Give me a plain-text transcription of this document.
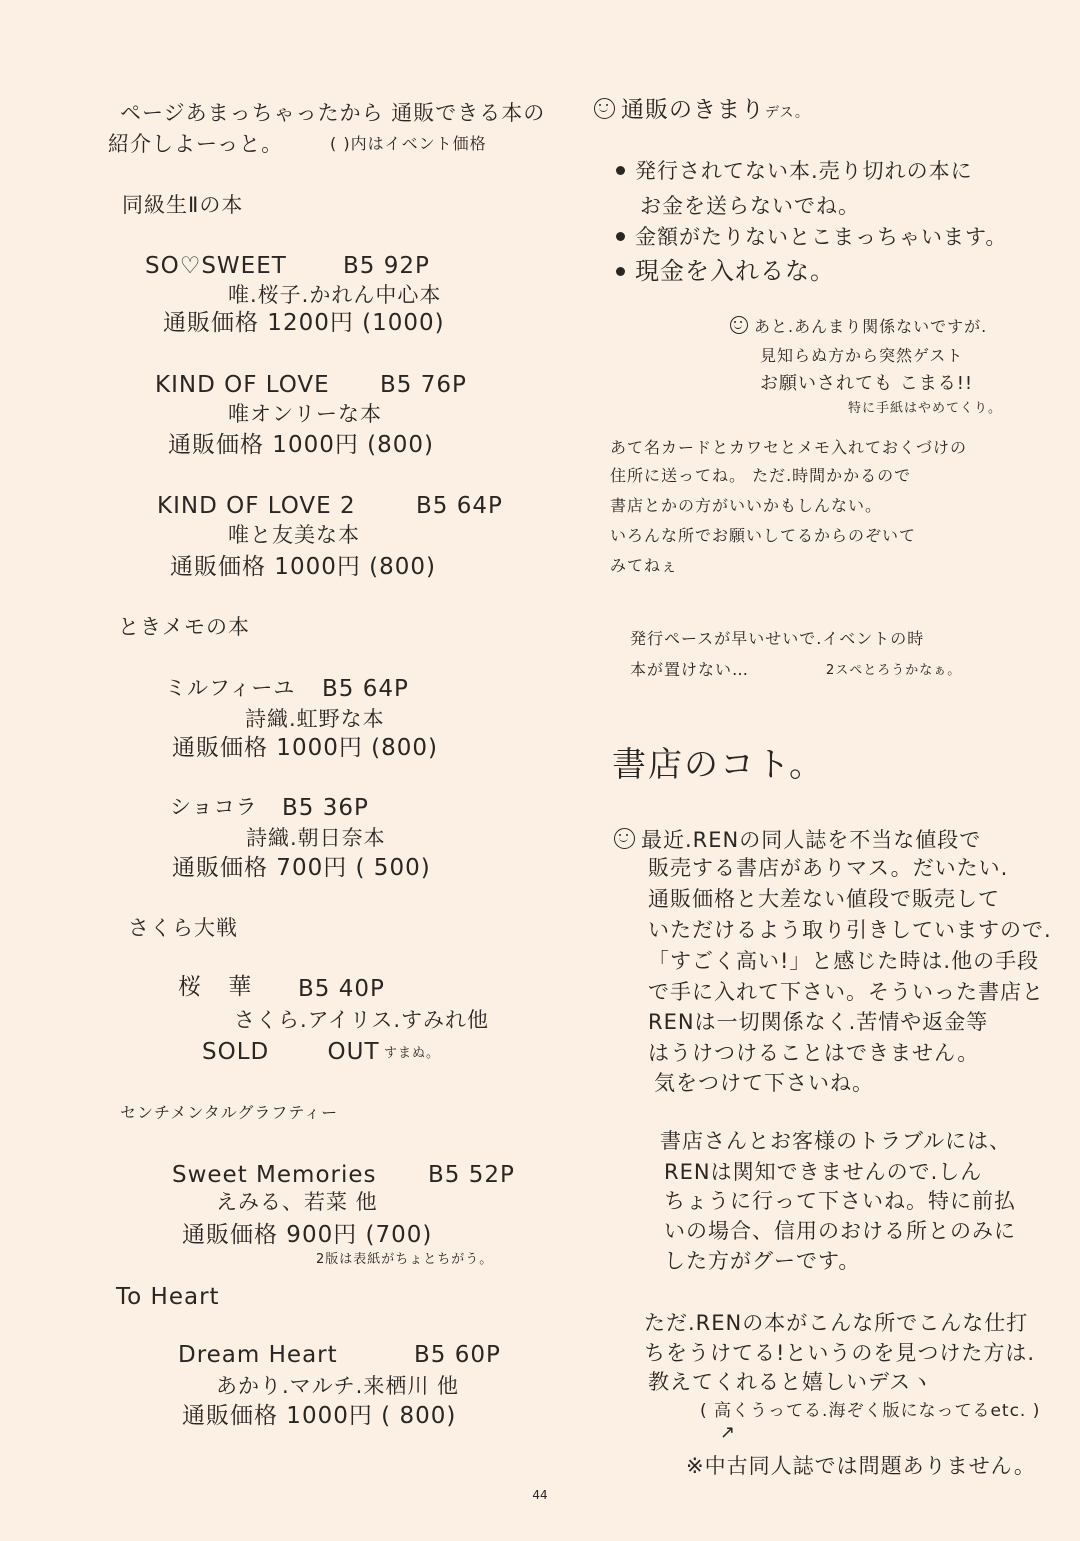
ページあまっちゃったから 通販できる本の
紹介しよーっと。	( )内はイベント価格
同級生Ⅱの本
SO♡SWEET B5 92P
唯.桜子.かれん中心本
通販価格 1200円 (1000)
KIND OF LOVE B5 76P
唯オンリーな本
通販価格 1000円 (800)
KIND OF LOVE 2	B5 64P
唯と友美な本
通販価格 1000円 (800)
ときメモの本
ミルフィーユ B5 64P
詩織.虹野な本
通販価格 1000円 (800)
ショコラ B5 36P
詩織.朝日奈本
通販価格 700円 ( 500)
さくら大戦
桜 華 B5 40P
さくら.アイリス.すみれ他
SOLD OUT すまぬ。
センチメンタルグラフティー
Sweet Memories B5 52P
えみる、若菜 他
通販価格 900円 (700)
2版は表紙がちょとちがう。
To Heart
Dream Heart	B5 60P
あかり.マルチ.来栖川 他
通販価格 1000円 ( 800)
通販のきまりデス。
発行されてない本.売り切れの本に
お金を送らないでね。
金額がたりないとこまっちゃいます。
現金を入れるな。
あと.あんまり関係ないですが.
見知らぬ方から突然ゲスト
お願いされても こまる!!
特に手紙はやめてくり。
あて名カードとカワセとメモ入れておくづけの
住所に送ってね。 ただ.時間かかるので
書店とかの方がいいかもしんない。
いろんな所でお願いしてるからのぞいて
みてねぇ
発行ペースが早いせいで.イベントの時
本が置けない…	2スペとろうかなぁ。
書店のコト。
最近.RENの同人誌を不当な値段で
販売する書店がありマス。だいたい.
通販価格と大差ない値段で販売して
いただけるよう取り引きしていますので.
「すごく高い!」と感じた時は.他の手段
で手に入れて下さい。そういった書店と
RENは一切関係なく.苦情や返金等
はうけつけることはできません。
気をつけて下さいね。
書店さんとお客様のトラブルには、
RENは関知できませんので.しん
ちょうに行って下さいね。特に前払
いの場合、信用のおける所とのみに
した方がグーです。
ただ.RENの本がこんな所でこんな仕打
ちをうけてる!というのを見つけた方は.
教えてくれると嬉しいデスヽ
( 高くうってる.海ぞく版になってるetc. )
↗
※中古同人誌では問題ありません。
44
